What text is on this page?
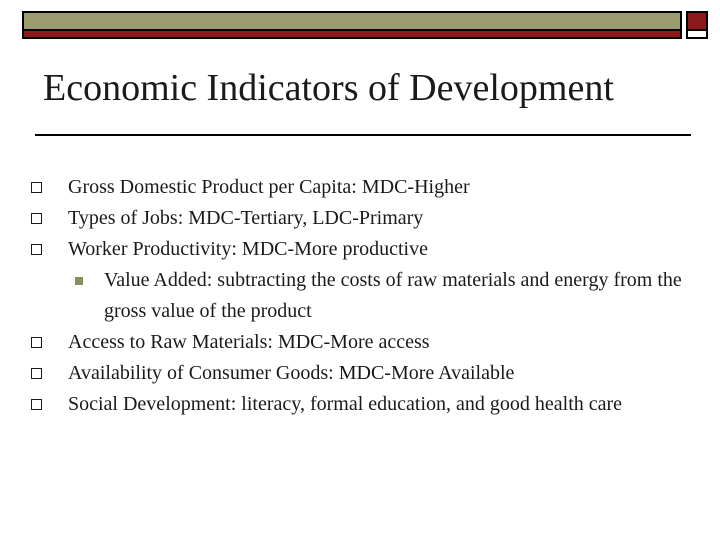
Economic Indicators of Development
Gross Domestic Product per Capita: MDC-Higher
Types of Jobs: MDC-Tertiary, LDC-Primary
Worker Productivity: MDC-More productive
Value Added: subtracting the costs of raw materials and energy from the gross value of the product
Access to Raw Materials: MDC-More access
Availability of Consumer Goods: MDC-More Available
Social Development: literacy, formal education, and good health care
